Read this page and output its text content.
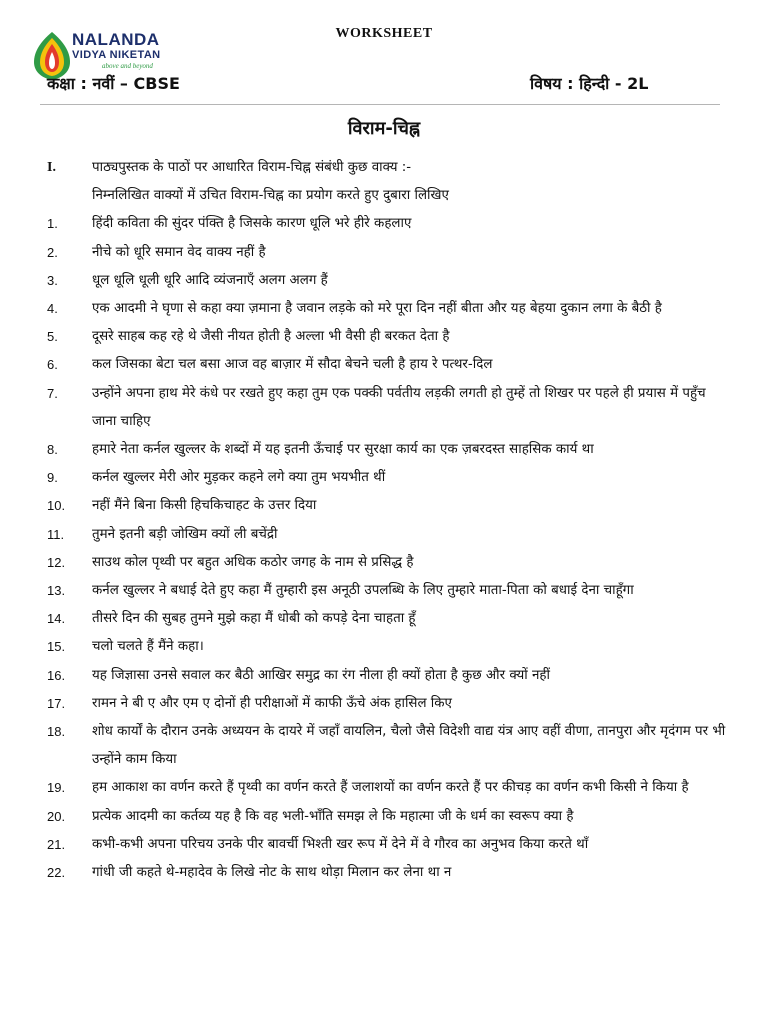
NALANDA
VIDYA NIKETAN
above and beyond
WORKSHEET
कक्षा : नवीं – CBSE	विषय : हिन्दी - 2L
विराम-चिह्न
I.	पाठ्यपुस्तक के पाठों पर आधारित विराम-चिह्न संबंधी कुछ वाक्य :-
निम्नलिखित वाक्यों में उचित विराम-चिह्न का प्रयोग करते हुए दुबारा लिखिए
1.	हिंदी कविता की सुंदर पंक्ति है जिसके कारण धूलि भरे हीरे कहलाए
2.	नीचे को धूरि समान वेद वाक्य नहीं है
3.	धूल धूलि धूली धूरि आदि व्यंजनाएँ अलग अलग हैं
4.	एक आदमी ने घृणा से कहा क्या ज़माना है जवान लड़के को मरे पूरा दिन नहीं बीता और यह बेहया दुकान लगा के बैठी है
5.	दूसरे साहब कह रहे थे जैसी नीयत होती है अल्ला भी वैसी ही बरकत देता है
6.	कल जिसका बेटा चल बसा आज वह बाज़ार में सौदा बेचने चली है हाय रे पत्थर-दिल
7.	उन्होंने अपना हाथ मेरे कंधे पर रखते हुए कहा तुम एक पक्की पर्वतीय लड़की लगती हो तुम्हें तो शिखर पर पहले ही प्रयास में पहुँच जाना चाहिए
8.	हमारे नेता कर्नल खुल्लर के शब्दों में यह इतनी ऊँचाई पर सुरक्षा कार्य का एक ज़बरदस्त साहसिक कार्य था
9.	कर्नल खुल्लर मेरी ओर मुड़कर कहने लगे क्या तुम भयभीत थीं
10.	नहीं मैंने बिना किसी हिचकिचाहट के उत्तर दिया
11.	तुमने इतनी बड़ी जोखिम क्यों ली बचेंद्री
12.	साउथ कोल पृथ्वी पर बहुत अधिक कठोर जगह के नाम से प्रसिद्ध है
13.	कर्नल खुल्लर ने बधाई देते हुए कहा मैं तुम्हारी इस अनूठी उपलब्धि के लिए तुम्हारे माता-पिता को बधाई देना चाहूँगा
14.	तीसरे दिन की सुबह तुमने मुझे कहा मैं धोबी को कपड़े देना चाहता हूँ
15.	चलो चलते हैं मैंने कहा।
16.	यह जिज्ञासा उनसे सवाल कर बैठी आखिर समुद्र का रंग नीला ही क्यों होता है कुछ और क्यों नहीं
17.	रामन ने बी ए और एम ए दोनों ही परीक्षाओं में काफी ऊँचे अंक हासिल किए
18.	शोध कार्यों के दौरान उनके अध्ययन के दायरे में जहाँ वायलिन, चैलो जैसे विदेशी वाद्य यंत्र आए वहीं वीणा, तानपुरा और मृदंगम पर भी उन्होंने काम किया
19.	हम आकाश का वर्णन करते हैं पृथ्वी का वर्णन करते हैं जलाशयों का वर्णन करते हैं पर कीचड़ का वर्णन कभी किसी ने किया है
20.	प्रत्येक आदमी का कर्तव्य यह है कि वह भली-भाँति समझ ले कि महात्मा जी के धर्म का स्वरूप क्या है
21.	कभी-कभी अपना परिचय उनके पीर बावर्ची भिश्ती खर रूप में देने में वे गौरव का अनुभव किया करते थाँ
22.	गांधी जी कहते थे-महादेव के लिखे नोट के साथ थोड़ा मिलान कर लेना था न
